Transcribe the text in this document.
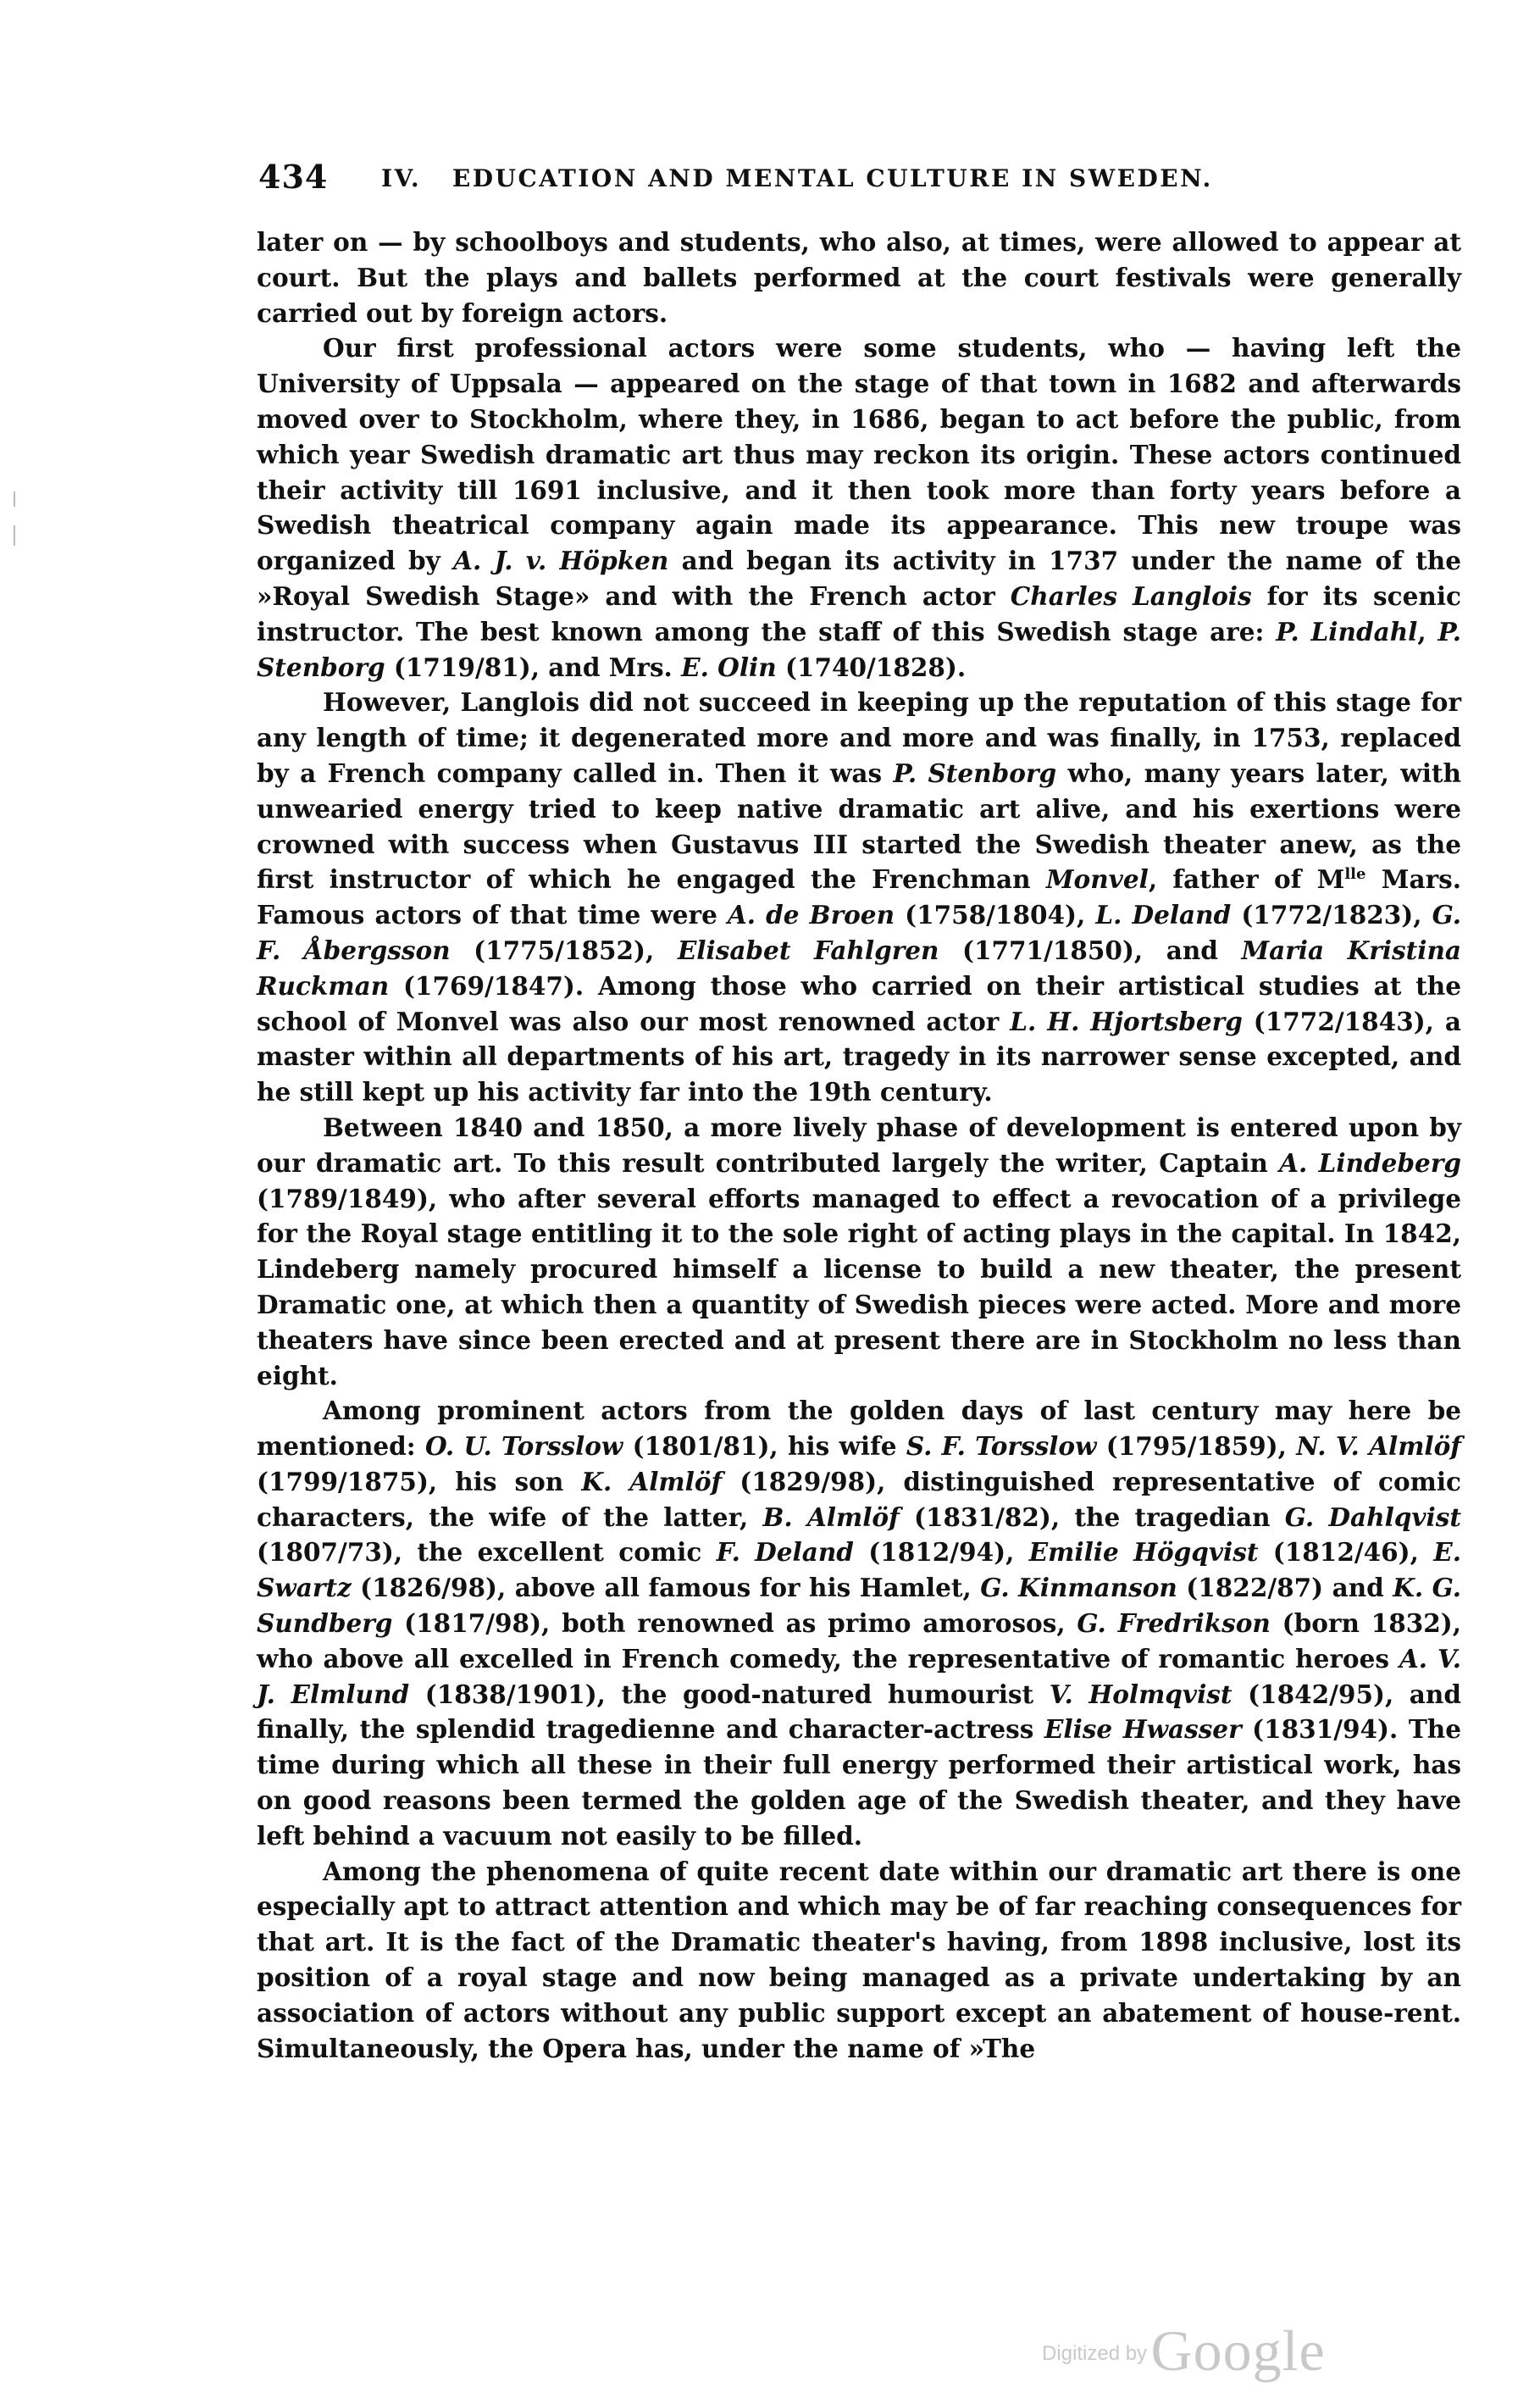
434 IV.   EDUCATION AND MENTAL CULTURE IN SWEDEN.

later on — by schoolboys and students, who also, at times, were allowed to appear at court. But the plays and ballets performed at the court festivals were generally carried out by foreign actors.

Our first professional actors were some students, who — having left the University of Uppsala — appeared on the stage of that town in 1682 and afterwards moved over to Stockholm, where they, in 1686, began to act before the public, from which year Swedish dramatic art thus may reckon its origin. These actors continued their activity till 1691 inclusive, and it then took more than forty years before a Swedish theatrical company again made its appearance. This new troupe was organized by A. J. v. Höpken and began its activity in 1737 under the name of the »Royal Swedish Stage» and with the French actor Charles Langlois for its scenic instructor. The best known among the staff of this Swedish stage are: P. Lindahl, P. Stenborg (1719/81), and Mrs. E. Olin (1740/1828).

However, Langlois did not succeed in keeping up the reputation of this stage for any length of time; it degenerated more and more and was finally, in 1753, replaced by a French company called in. Then it was P. Stenborg who, many years later, with unwearied energy tried to keep native dramatic art alive, and his exertions were crowned with success when Gustavus III started the Swedish theater anew, as the first instructor of which he engaged the Frenchman Monvel, father of $M^{lle}$ Mars. Famous actors of that time were A. de Broen (1758/1804), L. Deland (1772/1823), G. F. Åbergsson (1775/1852), Elisabet Fahlgren (1771/1850), and Maria Kristina Ruckman (1769/1847). Among those who carried on their artistical studies at the school of Monvel was also our most renowned actor L. H. Hjortsberg (1772/1843), a master within all departments of his art, tragedy in its narrower sense excepted, and he still kept up his activity far into the 19th century.

Between 1840 and 1850, a more lively phase of development is entered upon by our dramatic art. To this result contributed largely the writer, Captain A. Lindeberg (1789/1849), who after several efforts managed to effect a revocation of a privilege for the Royal stage entitling it to the sole right of acting plays in the capital. In 1842, Lindeberg namely procured himself a license to build a new theater, the present Dramatic one, at which then a quantity of Swedish pieces were acted. More and more theaters have since been erected and at present there are in Stockholm no less than eight.

Among prominent actors from the golden days of last century may here be mentioned: O. U. Torsslow (1801/81), his wife S. F. Torsslow (1795/1859), N. V. Almlöf (1799/1875), his son K. Almlöf (1829/98), distinguished representative of comic characters, the wife of the latter, B. Almlöf (1831/82), the tragedian G. Dahlqvist (1807/73), the excellent comic F. Deland (1812/94), Emilie Högqvist (1812/46), E. Swartz (1826/98), above all famous for his Hamlet, G. Kinmanson (1822/87) and K. G. Sundberg (1817/98), both renowned as primo amorosos, G. Fredrikson (born 1832), who above all excelled in French comedy, the representative of romantic heroes A. V. J. Elmlund (1838/1901), the good-natured humourist V. Holmqvist (1842/95), and finally, the splendid tragedienne and character-actress Elise Hwasser (1831/94). The time during which all these in their full energy performed their artistical work, has on good reasons been termed the golden age of the Swedish theater, and they have left behind a vacuum not easily to be filled.

Among the phenomena of quite recent date within our dramatic art there is one especially apt to attract attention and which may be of far reaching consequences for that art. It is the fact of the Dramatic theater's having, from 1898 inclusive, lost its position of a royal stage and now being managed as a private undertaking by an association of actors without any public support except an abatement of house-rent. Simultaneously, the Opera has, under the name of »The

Digitized by Google
